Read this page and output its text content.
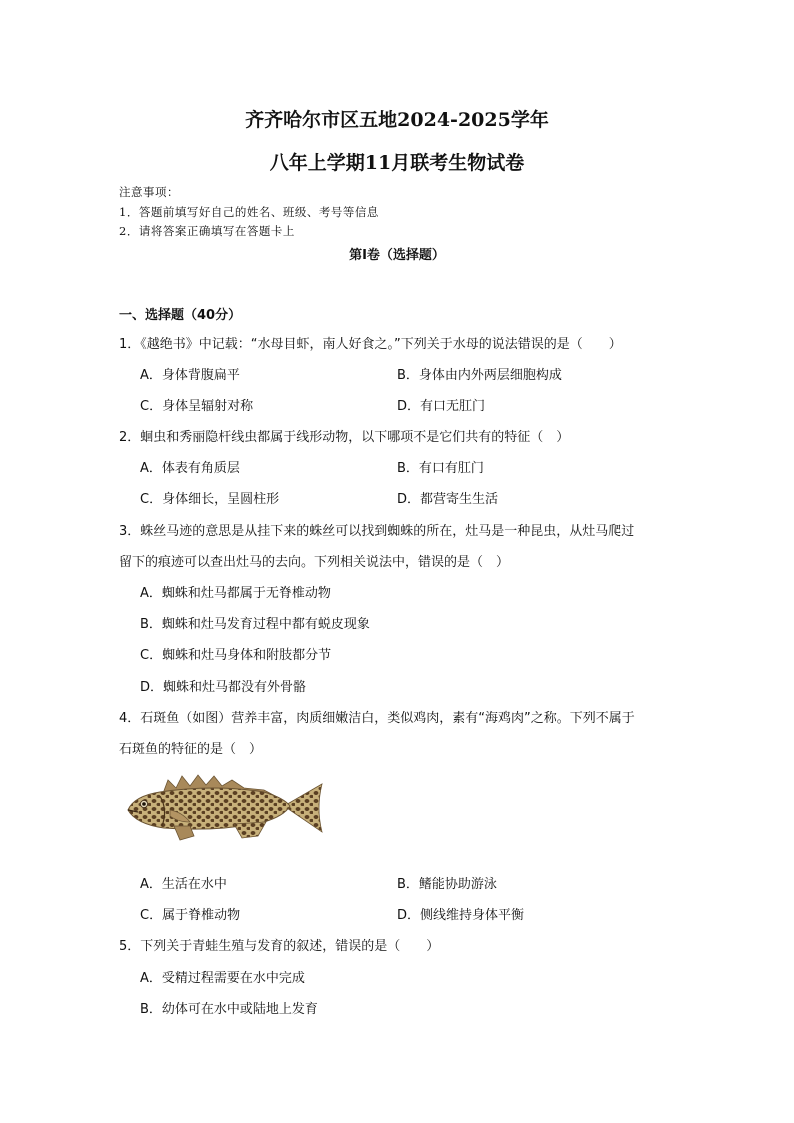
齐齐哈尔市区五地2024-2025学年
八年上学期11月联考生物试卷
注意事项：
1．答题前填写好自己的姓名、班级、考号等信息
2．请将答案正确填写在答题卡上
第I卷（选择题）
一、选择题（40分）
1．《越绝书》中记载：“水母目虾，南人好食之。”下列关于水母的说法错误的是（　　）
A．身体背腹扁平	B．身体由内外两层细胞构成
C．身体呈辐射对称	D．有口无肛门
2．蛔虫和秀丽隐杆线虫都属于线形动物，以下哪项不是它们共有的特征（　）
A．体表有角质层	B．有口有肛门
C．身体细长，呈圆柱形	D．都营寄生生活
3．蛛丝马迹的意思是从挂下来的蛛丝可以找到蜘蛛的所在，灶马是一种昆虫，从灶马爬过
留下的痕迹可以查出灶马的去向。下列相关说法中，错误的是（　）
A．蜘蛛和灶马都属于无脊椎动物
B．蜘蛛和灶马发育过程中都有蜕皮现象
C．蜘蛛和灶马身体和附肢都分节
D．蜘蛛和灶马都没有外骨骼
4．石斑鱼（如图）营养丰富，肉质细嫩洁白，类似鸡肉，素有“海鸡肉”之称。下列不属于
石斑鱼的特征的是（　）
A．生活在水中	B．鳍能协助游泳
C．属于脊椎动物	D．侧线维持身体平衡
5．下列关于青蛙生殖与发育的叙述，错误的是（　　）
A．受精过程需要在水中完成
B．幼体可在水中或陆地上发育
